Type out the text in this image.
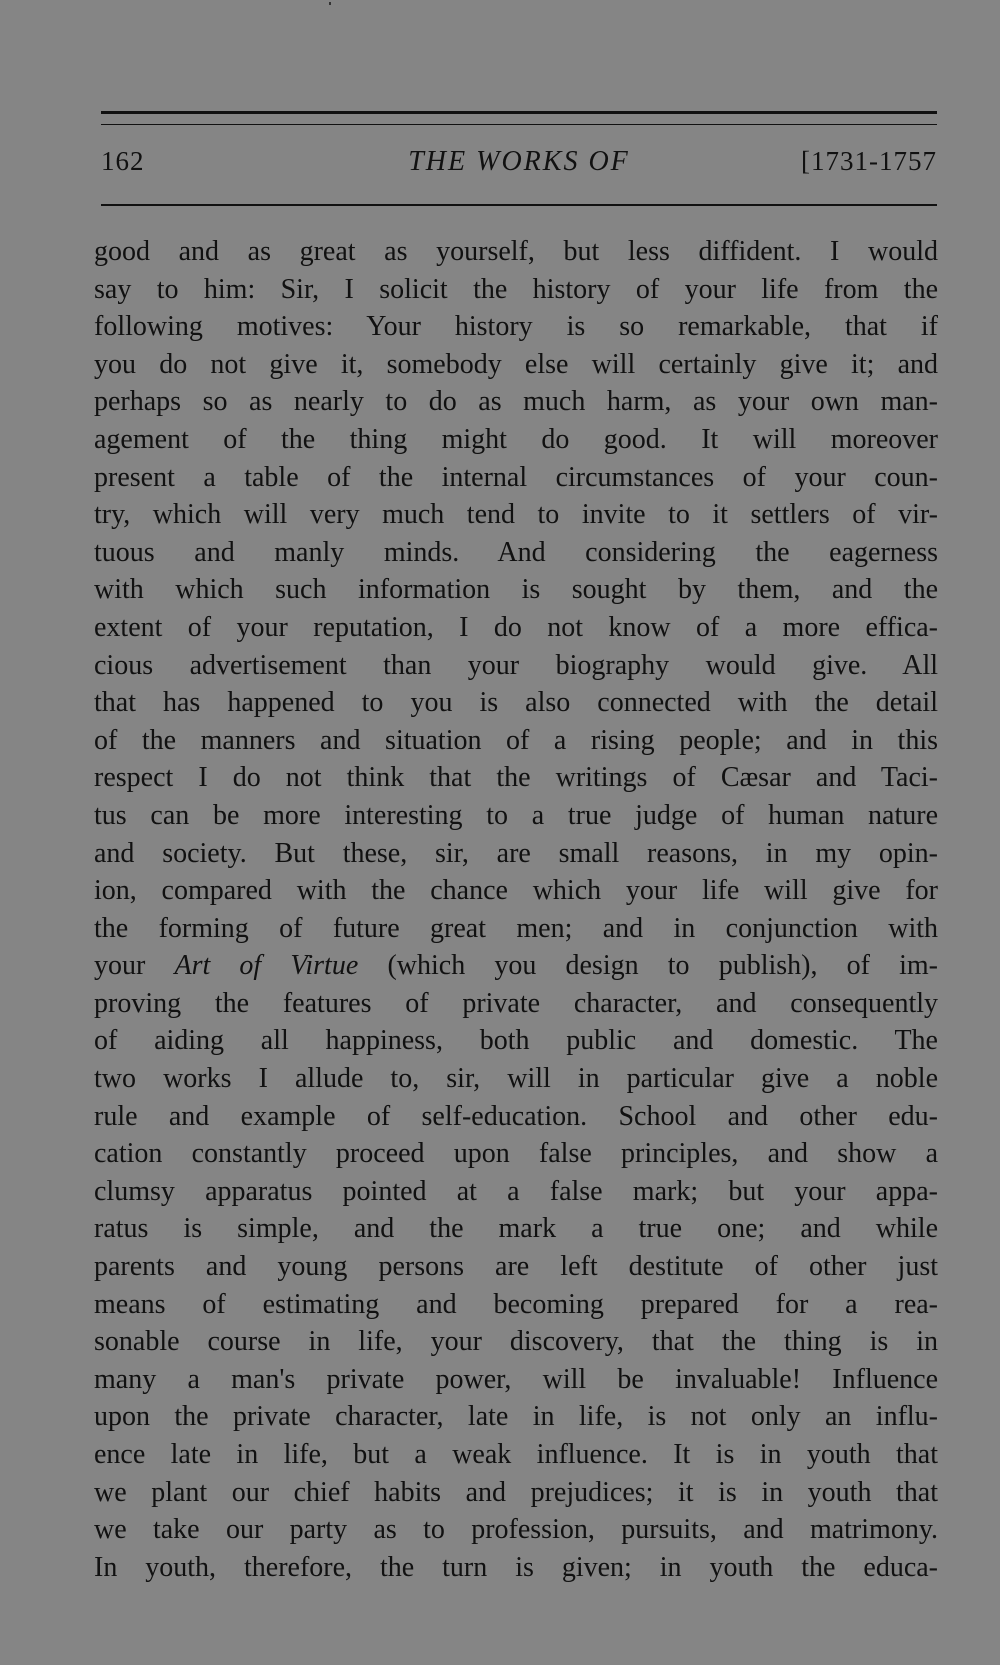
162	THE WORKS OF	[1731-1757
good and as great as yourself, but less diffident. I would
say to him: Sir, I solicit the history of your life from the
following motives: Your history is so remarkable, that if
you do not give it, somebody else will certainly give it; and
perhaps so as nearly to do as much harm, as your own man-
agement of the thing might do good. It will moreover
present a table of the internal circumstances of your coun-
try, which will very much tend to invite to it settlers of vir-
tuous and manly minds. And considering the eagerness
with which such information is sought by them, and the
extent of your reputation, I do not know of a more effica-
cious advertisement than your biography would give. All
that has happened to you is also connected with the detail
of the manners and situation of a rising people; and in this
respect I do not think that the writings of Cæsar and Taci-
tus can be more interesting to a true judge of human nature
and society. But these, sir, are small reasons, in my opin-
ion, compared with the chance which your life will give for
the forming of future great men; and in conjunction with
your Art of Virtue (which you design to publish), of im-
proving the features of private character, and consequently
of aiding all happiness, both public and domestic. The
two works I allude to, sir, will in particular give a noble
rule and example of self-education. School and other edu-
cation constantly proceed upon false principles, and show a
clumsy apparatus pointed at a false mark; but your appa-
ratus is simple, and the mark a true one; and while
parents and young persons are left destitute of other just
means of estimating and becoming prepared for a rea-
sonable course in life, your discovery, that the thing is in
many a man's private power, will be invaluable! Influence
upon the private character, late in life, is not only an influ-
ence late in life, but a weak influence. It is in youth that
we plant our chief habits and prejudices; it is in youth that
we take our party as to profession, pursuits, and matrimony.
In youth, therefore, the turn is given; in youth the educa-
